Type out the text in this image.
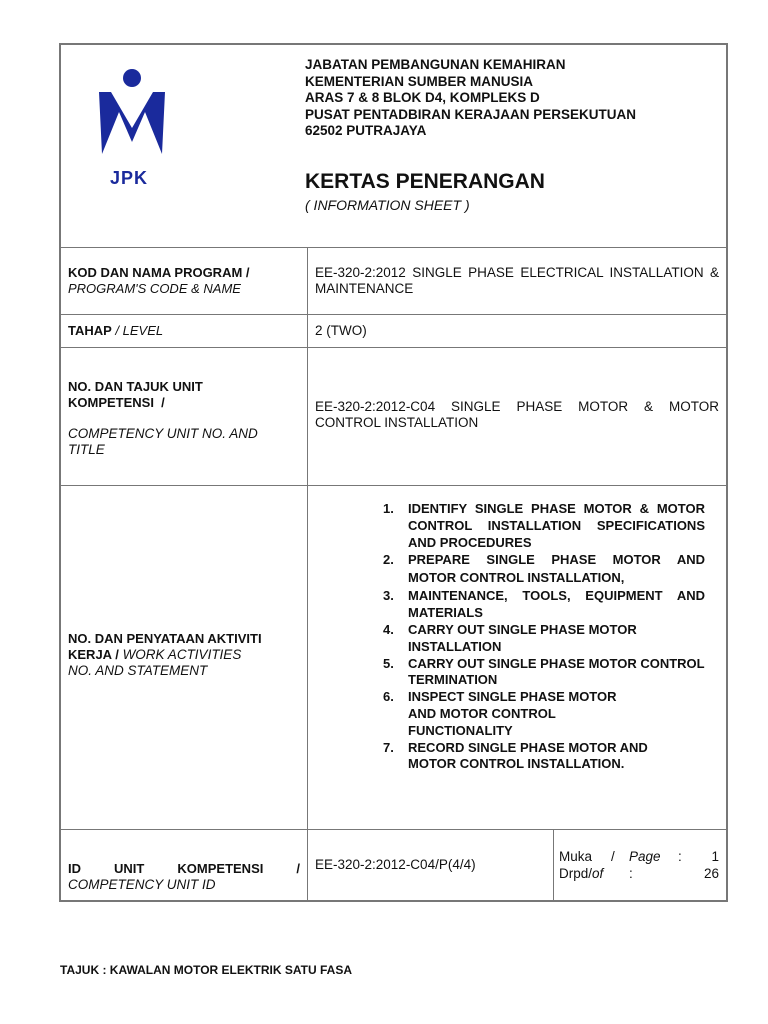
JPK
JABATAN PEMBANGUNAN KEMAHIRAN
KEMENTERIAN SUMBER MANUSIA
ARAS 7 & 8 BLOK D4, KOMPLEKS D
PUSAT PENTADBIRAN KERAJAAN PERSEKUTUAN
62502 PUTRAJAYA
KERTAS PENERANGAN
( INFORMATION SHEET )
KOD DAN NAMA PROGRAM /
PROGRAM'S CODE & NAME
EE-320-2:2012 SINGLE PHASE ELECTRICAL INSTALLATION & MAINTENANCE
TAHAP / LEVEL	2 (TWO)
NO. DAN TAJUK UNIT
KOMPETENSI  /
COMPETENCY UNIT NO. AND
TITLE
EE-320-2:2012-C04 SINGLE PHASE MOTOR & MOTOR CONTROL INSTALLATION
NO. DAN PENYATAAN AKTIVITI
KERJA / WORK ACTIVITIES
NO. AND STATEMENT
1. IDENTIFY SINGLE PHASE MOTOR & MOTOR CONTROL INSTALLATION SPECIFICATIONS AND PROCEDURES
2. PREPARE SINGLE PHASE MOTOR AND MOTOR CONTROL INSTALLATION,
3. MAINTENANCE, TOOLS, EQUIPMENT AND MATERIALS
4. CARRY OUT SINGLE PHASE MOTOR INSTALLATION
5. CARRY OUT SINGLE PHASE MOTOR CONTROL TERMINATION
6. INSPECT SINGLE PHASE MOTOR AND MOTOR CONTROL FUNCTIONALITY
7. RECORD SINGLE PHASE MOTOR AND MOTOR CONTROL INSTALLATION.
ID UNIT KOMPETENSI /
COMPETENCY UNIT ID
EE-320-2:2012-C04/P(4/4)
Muka / Page : 1
Drpd/of :	26
TAJUK : KAWALAN MOTOR ELEKTRIK SATU FASA
